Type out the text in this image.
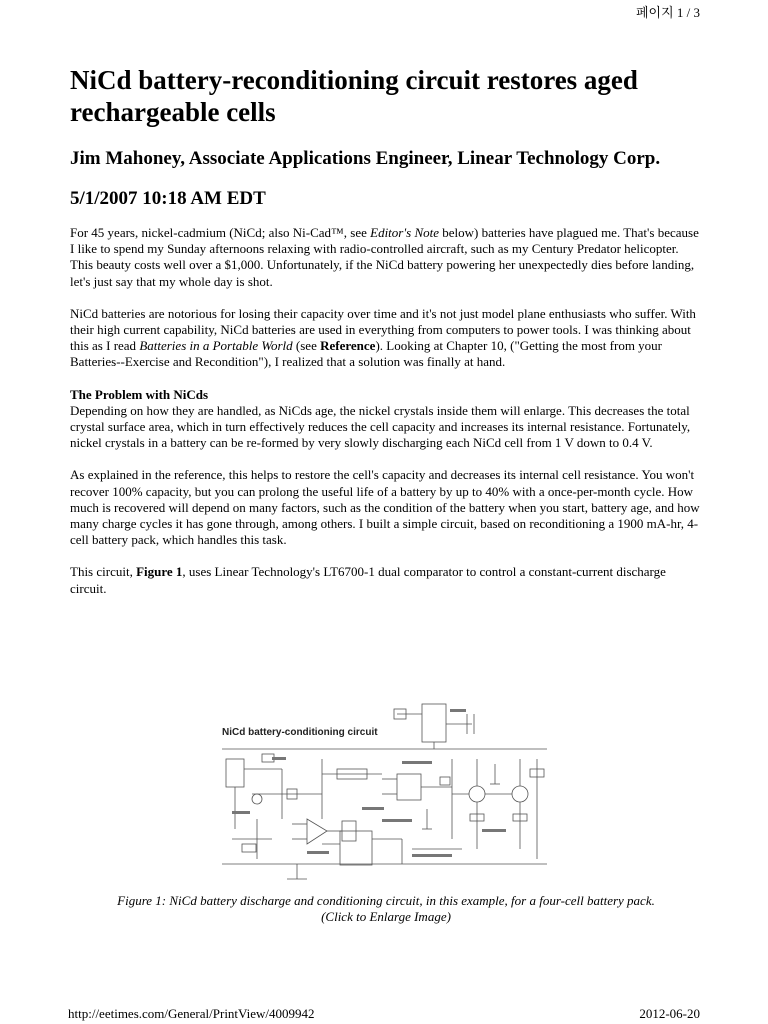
페이지 1 / 3
NiCd battery-reconditioning circuit restores aged rechargeable cells
Jim Mahoney, Associate Applications Engineer, Linear Technology Corp.
5/1/2007 10:18 AM EDT

For 45 years, nickel-cadmium (NiCd; also Ni-Cad™, see Editor's Note below) batteries have plagued me. That's because I like to spend my Sunday afternoons relaxing with radio-controlled aircraft, such as my Century Predator helicopter. This beauty costs well over a $1,000. Unfortunately, if the NiCd battery powering her unexpectedly dies before landing, let's just say that my whole day is shot.

NiCd batteries are notorious for losing their capacity over time and it's not just model plane enthusiasts who suffer. With their high current capability, NiCd batteries are used in everything from computers to power tools. I was thinking about this as I read Batteries in a Portable World (see Reference). Looking at Chapter 10, ("Getting the most from your Batteries--Exercise and Recondition"), I realized that a solution was finally at hand.

The Problem with NiCds
Depending on how they are handled, as NiCds age, the nickel crystals inside them will enlarge. This decreases the total crystal surface area, which in turn effectively reduces the cell capacity and increases its internal resistance. Fortunately, nickel crystals in a battery can be re-formed by very slowly discharging each NiCd cell from 1 V down to 0.4 V.

As explained in the reference, this helps to restore the cell's capacity and decreases its internal cell resistance. You won't recover 100% capacity, but you can prolong the useful life of a battery by up to 40% with a once-per-month cycle. How much is recovered will depend on many factors, such as the condition of the battery when you start, battery age, and how many charge cycles it has gone through, among others. I built a simple circuit, based on reconditioning a 1900 mA-hr, 4-cell battery pack, which handles this task.

This circuit, Figure 1, uses Linear Technology's LT6700-1 dual comparator to control a constant-current discharge circuit.

NiCd battery-conditioning circuit
Figure 1: NiCd battery discharge and conditioning circuit, in this example, for a four-cell battery pack.
(Click to Enlarge Image)
http://eetimes.com/General/PrintView/4009942	2012-06-20
